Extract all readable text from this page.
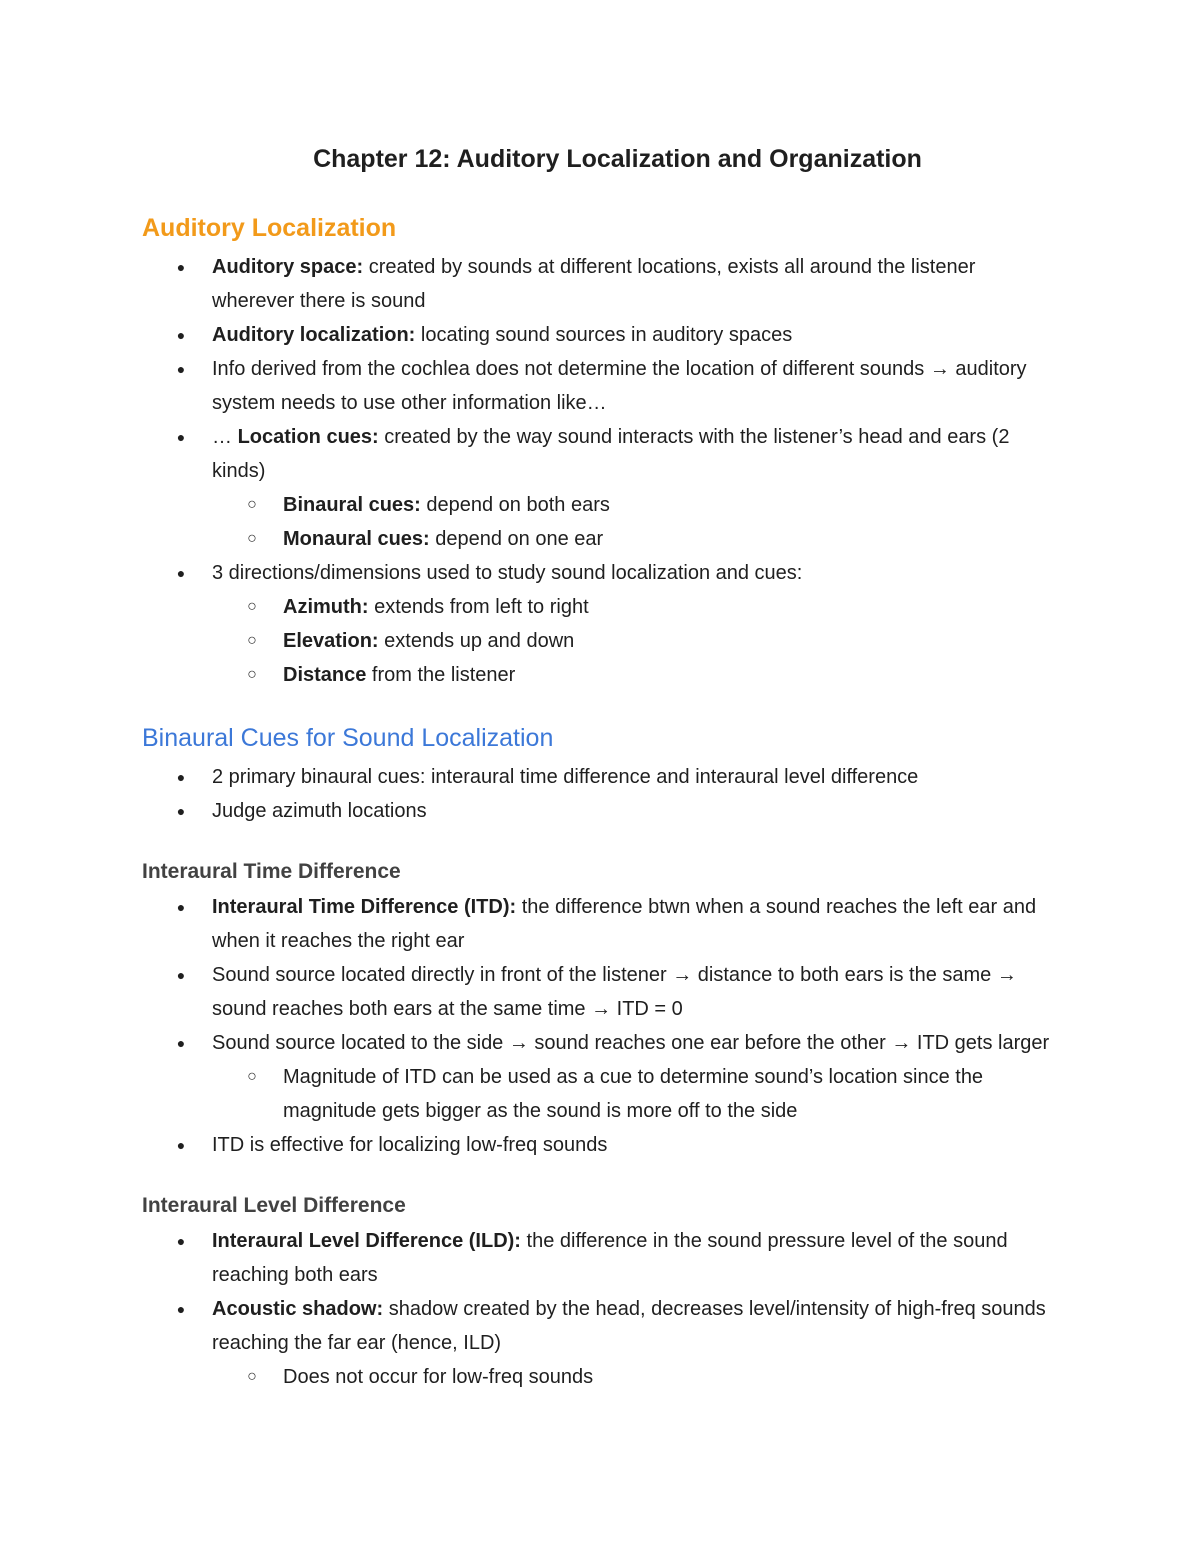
Chapter 12: Auditory Localization and Organization
Auditory Localization
● Auditory space: created by sounds at different locations, exists all around the listener wherever there is sound
● Auditory localization: locating sound sources in auditory spaces
● Info derived from the cochlea does not determine the location of different sounds → auditory system needs to use other information like…
● … Location cues: created by the way sound interacts with the listener’s head and ears (2 kinds)
○ Binaural cues: depend on both ears
○ Monaural cues: depend on one ear
● 3 directions/dimensions used to study sound localization and cues:
○ Azimuth: extends from left to right
○ Elevation: extends up and down
○ Distance from the listener
Binaural Cues for Sound Localization
● 2 primary binaural cues: interaural time difference and interaural level difference
● Judge azimuth locations
Interaural Time Difference
● Interaural Time Difference (ITD): the difference btwn when a sound reaches the left ear and when it reaches the right ear
● Sound source located directly in front of the listener → distance to both ears is the same → sound reaches both ears at the same time → ITD = 0
● Sound source located to the side → sound reaches one ear before the other → ITD gets larger
○ Magnitude of ITD can be used as a cue to determine sound’s location since the magnitude gets bigger as the sound is more off to the side
● ITD is effective for localizing low-freq sounds
Interaural Level Difference
● Interaural Level Difference (ILD): the difference in the sound pressure level of the sound reaching both ears
● Acoustic shadow: shadow created by the head, decreases level/intensity of high-freq sounds reaching the far ear (hence, ILD)
○ Does not occur for low-freq sounds
